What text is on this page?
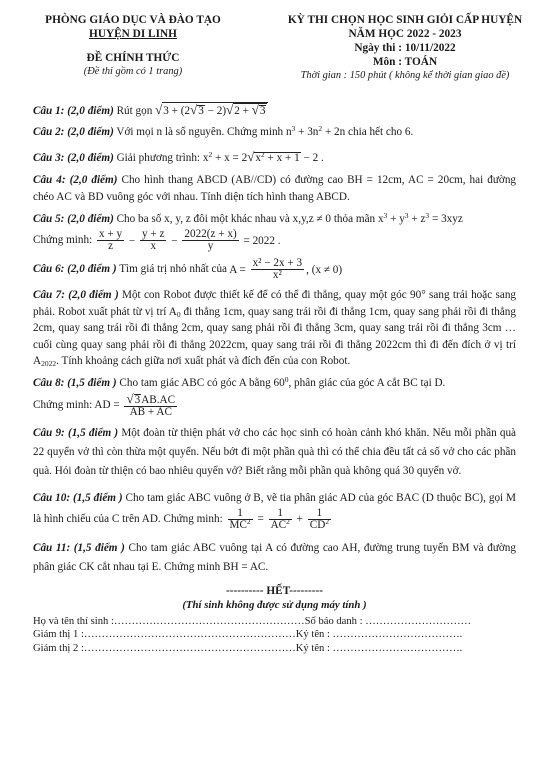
PHÒNG GIÁO DỤC VÀ ĐÀO TẠO
HUYỆN DI LINH
ĐỀ CHÍNH THỨC
(Đề thi gồm có 1 trang)
KỲ THI CHỌN HỌC SINH GIỎI CẤP HUYỆN
NĂM HỌC 2022 - 2023
Ngày thi : 10/11/2022
Môn : TOÁN
Thời gian : 150 phút ( không kể thời gian giao đề)

Câu 1: (2,0 điểm) Rút gọn √3 + (2√3 − 2)√2 + √3

Câu 2: (2,0 điểm) Với mọi n là số nguyên. Chứng minh $n^3 + 3n^2 + 2n$ chia hết cho 6.

Câu 3: (2,0 điểm) Giải phương trình: $x^2 + x = 2√x^2 + x + 1 - 2$ .

Câu 4: (2,0 điểm) Cho hình thang ABCD (AB//CD) có đường cao BH = 12cm, AC = 20cm, hai đường chéo AC và BD vuông góc với nhau. Tính diện tích hình thang ABCD.

Câu 5: (2,0 điểm) Cho ba số x, y, z đôi một khác nhau và x,y,z ≠ 0 thỏa mãn $x^3 + y^3 + z^3 = 3xyz$

Chứng minh: $\frac{x + y}{z} - \frac{y + z}{x} - \frac{2022(z + x)}{y} = 2022$ .

Câu 6: (2,0 điểm ) Tìm giá trị nhỏ nhất của $A = \frac{\text{x² − 2x + 3}}{\text{x²}}$ , (x ≠ 0)

Câu 7: (2,0 điểm ) Một con Robot được thiết kế để có thể đi thẳng, quay một góc 90° sang trái hoặc sang phải. Robot xuất phát từ vị trí $A_0$ đi thẳng 1cm, quay sang trái rồi đi thẳng 1cm, quay sang phải rồi đi thẳng 2cm, quay sang trái rồi đi thẳng 2cm, quay sang phải rồi đi thẳng 3cm, quay sang trái rồi đi thẳng 3cm … cuối cùng quay sang phải rồi đi thẳng 2022cm, quay sang trái rồi đi thẳng 2022cm thì đi đến đích ở vị trí $A_{2022}$. Tính khoảng cách giữa nơi xuất phát và đích đến của con Robot.

Câu 8: (1,5 điểm ) Cho tam giác ABC có góc A bằng $60^0$, phân giác của góc A cắt BC tại D.

Chứng minh: AD = $\frac{√3AB.AC}{AB + AC}$

Câu 9: (1,5 điểm ) Một đoàn từ thiện phát vở cho các học sinh có hoàn cảnh khó khăn. Nếu mỗi phần quà 22 quyển vở thì còn thừa một quyển. Nếu bớt đi một phần quà thì có thể chia đều tất cả số vở cho các phần quà. Hỏi đoàn từ thiện có bao nhiêu quyển vở? Biết rằng mỗi phần quà không quá 30 quyển vở.

Câu 10: (1,5 điểm ) Cho tam giác ABC vuông ở B, vẽ tia phân giác AD của góc BAC (D thuộc BC), gọi M là hình chiếu của C trên AD. Chứng minh: $\frac{1}{MC^2} = \frac{1}{AC^2} + \frac{1}{CD^2}$

Câu 11: (1,5 điểm ) Cho tam giác ABC vuông tại A có đường cao AH, đường trung tuyến BM và đường phân giác CK cắt nhau tại E. Chứng minh BH = AC.

---------- HẾT---------
(Thí sinh không được sử dụng máy tính )
Họ và tên thí sinh :………………………………………………Số báo danh : …………………………
Giám thị 1 :……………………………………………………Ký tên : ……………………………….
Giám thị 2 :……………………………………………………Ký tên : ……………………………….
